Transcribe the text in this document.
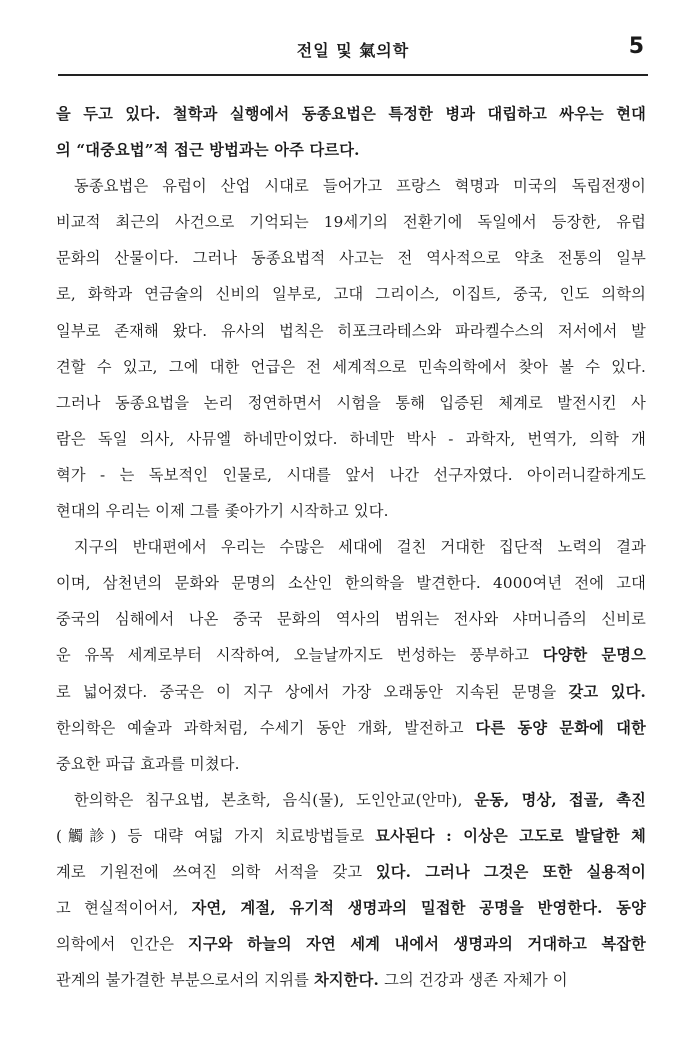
전일 및 氣의학	5
을 두고 있다. 철학과 실행에서 동종요법은 특정한 병과 대립하고 싸우는 현대
의 “대중요법”적 접근 방법과는 아주 다르다.
동종요법은 유럽이 산업 시대로 들어가고 프랑스 혁명과 미국의 독립전쟁이
비교적 최근의 사건으로 기억되는 19세기의 전환기에 독일에서 등장한, 유럽
문화의 산물이다. 그러나 동종요법적 사고는 전 역사적으로 약초 전통의 일부
로, 화학과 연금술의 신비의 일부로, 고대 그리이스, 이집트, 중국, 인도 의학의
일부로 존재해 왔다. 유사의 법칙은 히포크라테스와 파라켈수스의 저서에서 발
견할 수 있고, 그에 대한 언급은 전 세계적으로 민속의학에서 찾아 볼 수 있다.
그러나 동종요법을 논리 정연하면서 시험을 통해 입증된 체계로 발전시킨 사
람은 독일 의사, 사뮤엘 하네만이었다. 하네만 박사 - 과학자, 번역가, 의학 개
혁가 - 는 독보적인 인물로, 시대를 앞서 나간 선구자였다. 아이러니칼하게도
현대의 우리는 이제 그를 좇아가기 시작하고 있다.
지구의 반대편에서 우리는 수많은 세대에 걸친 거대한 집단적 노력의 결과
이며, 삼천년의 문화와 문명의 소산인 한의학을 발견한다. 4000여년 전에 고대
중국의 심해에서 나온 중국 문화의 역사의 범위는 전사와 샤머니즘의 신비로
운 유목 세계로부터 시작하여, 오늘날까지도 번성하는 풍부하고 다양한 문명으
로 넓어졌다. 중국은 이 지구 상에서 가장 오래동안 지속된 문명을 갖고 있다.
한의학은 예술과 과학처럼, 수세기 동안 개화, 발전하고 다른 동양 문화에 대한
중요한 파급 효과를 미쳤다.
한의학은 침구요법, 본초학, 음식(물), 도인안교(안마), 운동, 명상, 접골, 촉진
(觸診) 등 대략 여덟 가지 치료방법들로 묘사된다 : 이상은 고도로 발달한 체
계로 기원전에 쓰여진 의학 서적을 갖고 있다. 그러나 그것은 또한 실용적이
고 현실적이어서, 자연, 계절, 유기적 생명과의 밀접한 공명을 반영한다. 동양
의학에서 인간은 지구와 하늘의 자연 세계 내에서 생명과의 거대하고 복잡한
관계의 불가결한 부분으로서의 지위를 차지한다. 그의 건강과 생존 자체가 이
